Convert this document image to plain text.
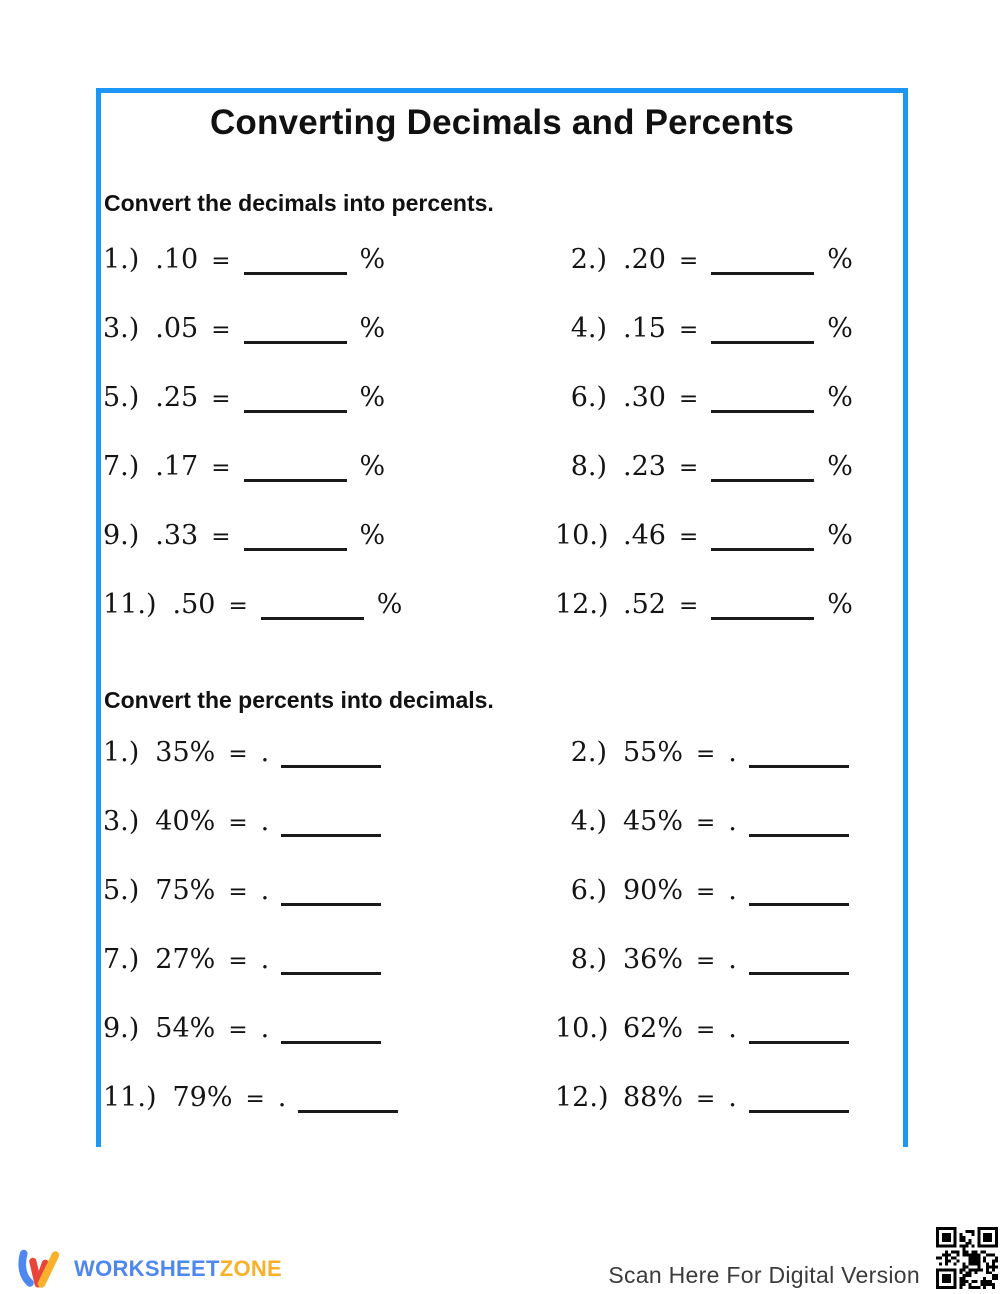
Converting Decimals and Percents
Convert the decimals into percents.
1.) .10 =	%	2.) .20 =	%
3.) .05 =	%	4.) .15 =	%
5.) .25 =	%	6.) .30 =	%
7.) .17 =	%	8.) .23 =	%
9.) .33 =	%	10.) .46 =	%
11.) .50 =	%	12.) .52 =	%
Convert the percents into decimals.
1.) 35% = .	2.) 55% = .
3.) 40% = .	4.) 45% = .
5.) 75% = .	6.) 90% = .
7.) 27% = .	8.) 36% = .
9.) 54% = .	10.) 62% = .
11.) 79% = .	12.) 88% = .
WORKSHEETZONE	Scan Here For Digital Version
